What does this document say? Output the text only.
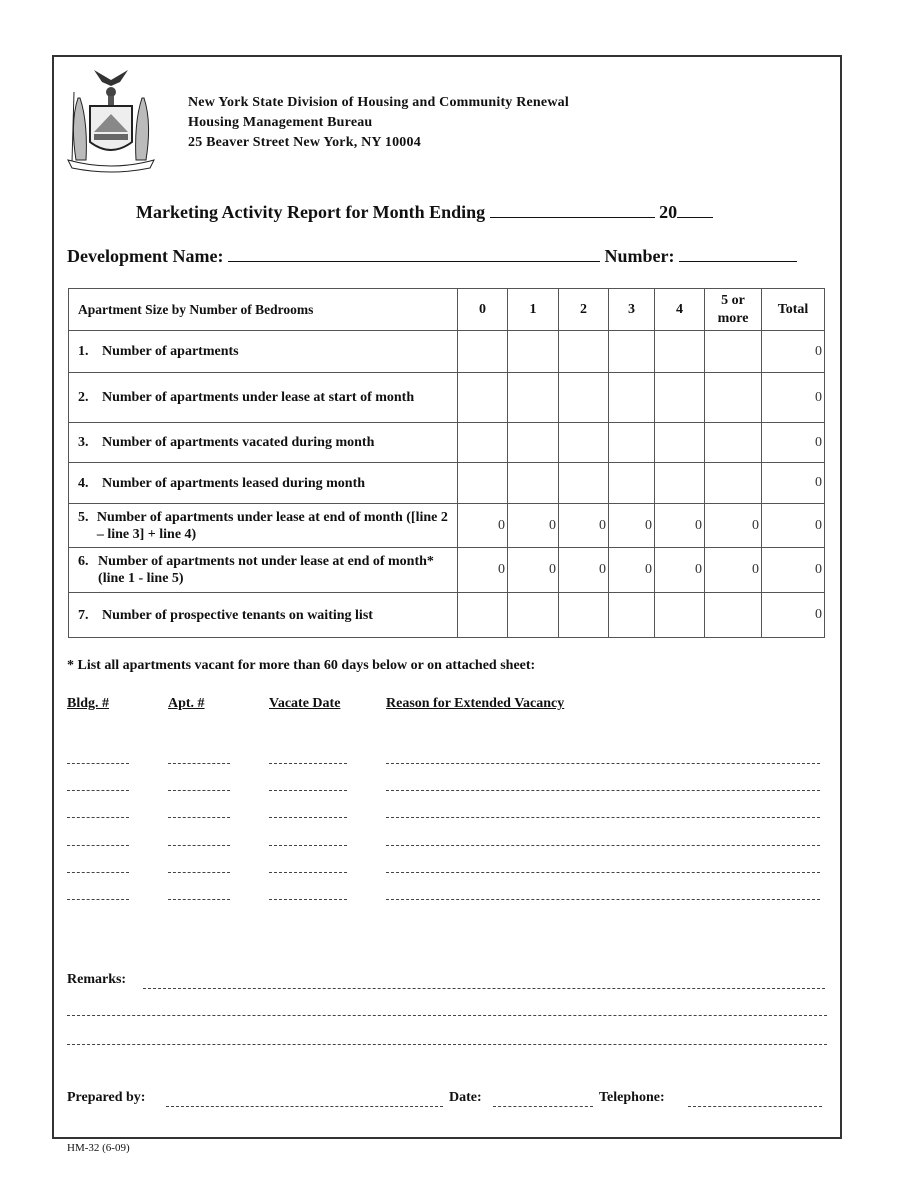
New York State Division of Housing and Community Renewal
Housing Management Bureau
25 Beaver Street New York, NY 10004
Marketing Activity Report for Month Ending	20
Development Name:	Number:
Apartment Size by Number of Bedrooms	0	1	2	3	4	5 or more	Total

1. Number of apartments							0

2. Number of apartments under lease at start of month							0

3. Number of apartments vacated during month							0

4. Number of apartments leased during month							0

5. Number of apartments under lease at end of month ([line 2 – line 3] + line 4)	0	0	0	0	0	0	0

6. Number of apartments not under lease at end of month* (line 1 - line 5)	0	0	0	0	0	0	0

7. Number of prospective tenants on waiting list							0
* List all apartments vacant for more than 60 days below or on attached sheet:
Bldg. #	Apt. #	Vacate Date	Reason for Extended Vacancy
Remarks:
Prepared by:	Date:	Telephone:
HM-32 (6-09)
